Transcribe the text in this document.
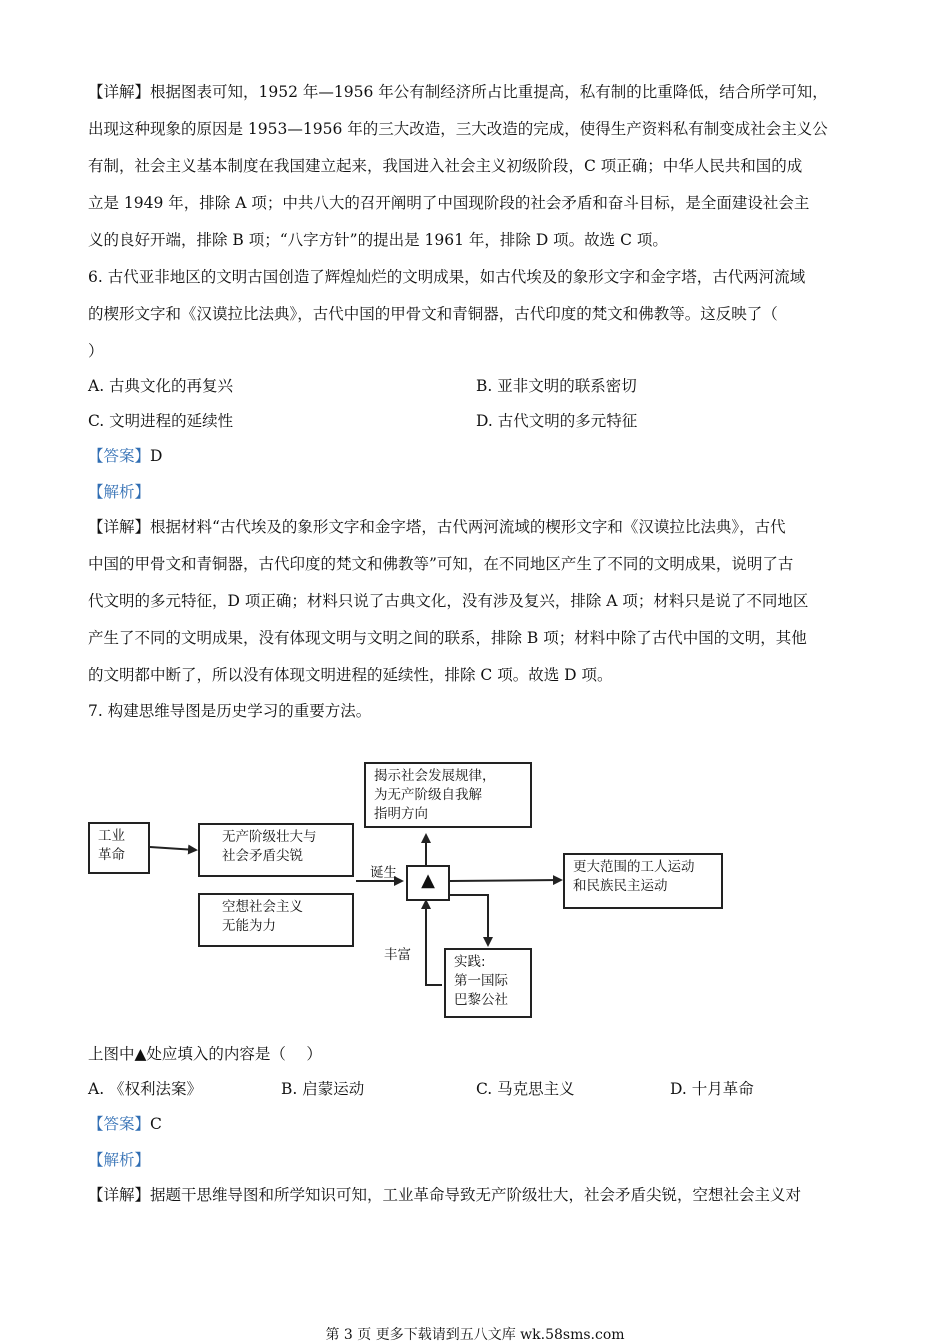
【详解】根据图表可知，1952 年—1956 年公有制经济所占比重提高，私有制的比重降低，结合所学可知，
出现这种现象的原因是 1953—1956 年的三大改造，三大改造的完成，使得生产资料私有制变成社会主义公
有制，社会主义基本制度在我国建立起来，我国进入社会主义初级阶段，C 项正确；中华人民共和国的成
立是 1949 年，排除 A 项；中共八大的召开阐明了中国现阶段的社会矛盾和奋斗目标，是全面建设社会主
义的良好开端，排除 B 项；“八字方针”的提出是 1961 年，排除 D 项。故选 C 项。
6. 古代亚非地区的文明古国创造了辉煌灿烂的文明成果，如古代埃及的象形文字和金字塔，古代两河流域
的楔形文字和《汉谟拉比法典》，古代中国的甲骨文和青铜器，古代印度的梵文和佛教等。这反映了（
）
A. 古典文化的再复兴	B. 亚非文明的联系密切
C. 文明进程的延续性	D. 古代文明的多元特征
【答案】D
【解析】
【详解】根据材料“古代埃及的象形文字和金字塔，古代两河流域的楔形文字和《汉谟拉比法典》，古代
中国的甲骨文和青铜器，古代印度的梵文和佛教等”可知，在不同地区产生了不同的文明成果，说明了古
代文明的多元特征，D 项正确；材料只说了古典文化，没有涉及复兴，排除 A 项；材料只是说了不同地区
产生了不同的文明成果，没有体现文明与文明之间的联系，排除 B 项；材料中除了古代中国的文明，其他
的文明都中断了，所以没有体现文明进程的延续性，排除 C 项。故选 D 项。
7. 构建思维导图是历史学习的重要方法。
工业
革命
无产阶级壮大与
社会矛盾尖锐
空想社会主义
无能为力
揭示社会发展规律，
为无产阶级自我解
指明方向
▲
更大范围的工人运动
和民族民主运动
实践:
第一国际
巴黎公社
诞生
丰富
上图中▲处应填入的内容是（　 ）
A. 《权利法案》	B. 启蒙运动	C. 马克思主义	D. 十月革命
【答案】C
【解析】
【详解】据题干思维导图和所学知识可知，工业革命导致无产阶级壮大，社会矛盾尖锐，空想社会主义对
第 3 页 更多下载请到五八文库 wk.58sms.com
